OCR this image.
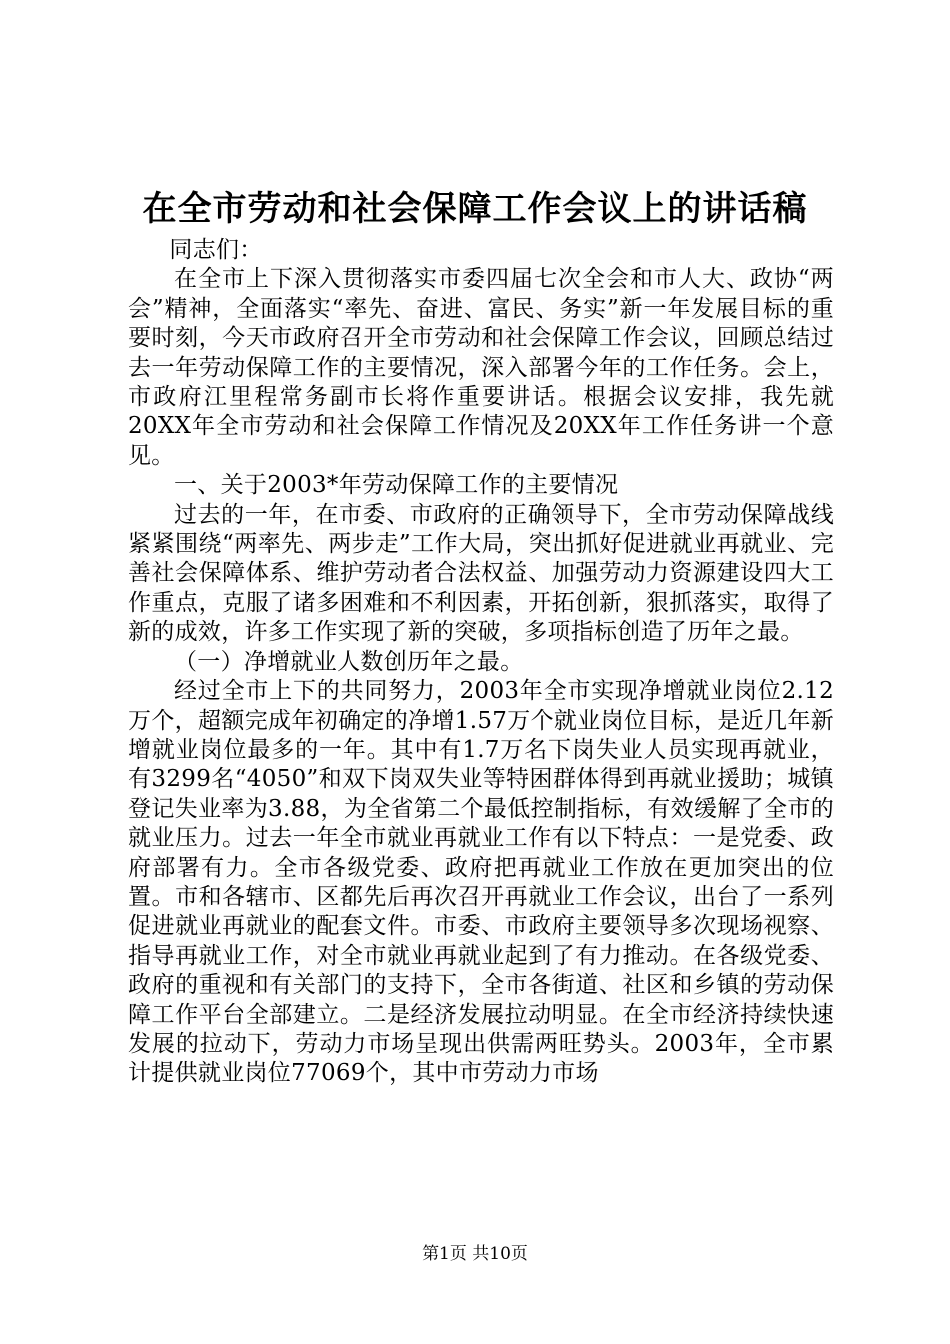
在全市劳动和社会保障工作会议上的讲话稿

同志们：

在全市上下深入贯彻落实市委四届七次全会和市人大、政协“两会”精神，全面落实“率先、奋进、富民、务实”新一年发展目标的重要时刻，今天市政府召开全市劳动和社会保障工作会议，回顾总结过去一年劳动保障工作的主要情况，深入部署今年的工作任务。会上，市政府江里程常务副市长将作重要讲话。根据会议安排，我先就20XX年全市劳动和社会保障工作情况及20XX年工作任务讲一个意见。

一、关于2003*年劳动保障工作的主要情况

过去的一年，在市委、市政府的正确领导下，全市劳动保障战线紧紧围绕“两率先、两步走”工作大局，突出抓好促进就业再就业、完善社会保障体系、维护劳动者合法权益、加强劳动力资源建设四大工作重点，克服了诸多困难和不利因素，开拓创新，狠抓落实，取得了新的成效，许多工作实现了新的突破，多项指标创造了历年之最。

（一）净增就业人数创历年之最。

经过全市上下的共同努力，2003年全市实现净增就业岗位2.12万个，超额完成年初确定的净增1.57万个就业岗位目标，是近几年新增就业岗位最多的一年。其中有1.7万名下岗失业人员实现再就业，有3299名“4050”和双下岗双失业等特困群体得到再就业援助；城镇登记失业率为3.88，为全省第二个最低控制指标，有效缓解了全市的就业压力。过去一年全市就业再就业工作有以下特点：一是党委、政府部署有力。全市各级党委、政府把再就业工作放在更加突出的位置。市和各辖市、区都先后再次召开再就业工作会议，出台了一系列促进就业再就业的配套文件。市委、市政府主要领导多次现场视察、指导再就业工作，对全市就业再就业起到了有力推动。在各级党委、政府的重视和有关部门的支持下，全市各街道、社区和乡镇的劳动保障工作平台全部建立。二是经济发展拉动明显。在全市经济持续快速发展的拉动下，劳动力市场呈现出供需两旺势头。2003年，全市累计提供就业岗位77069个，其中市劳动力市场

第1页 共10页
